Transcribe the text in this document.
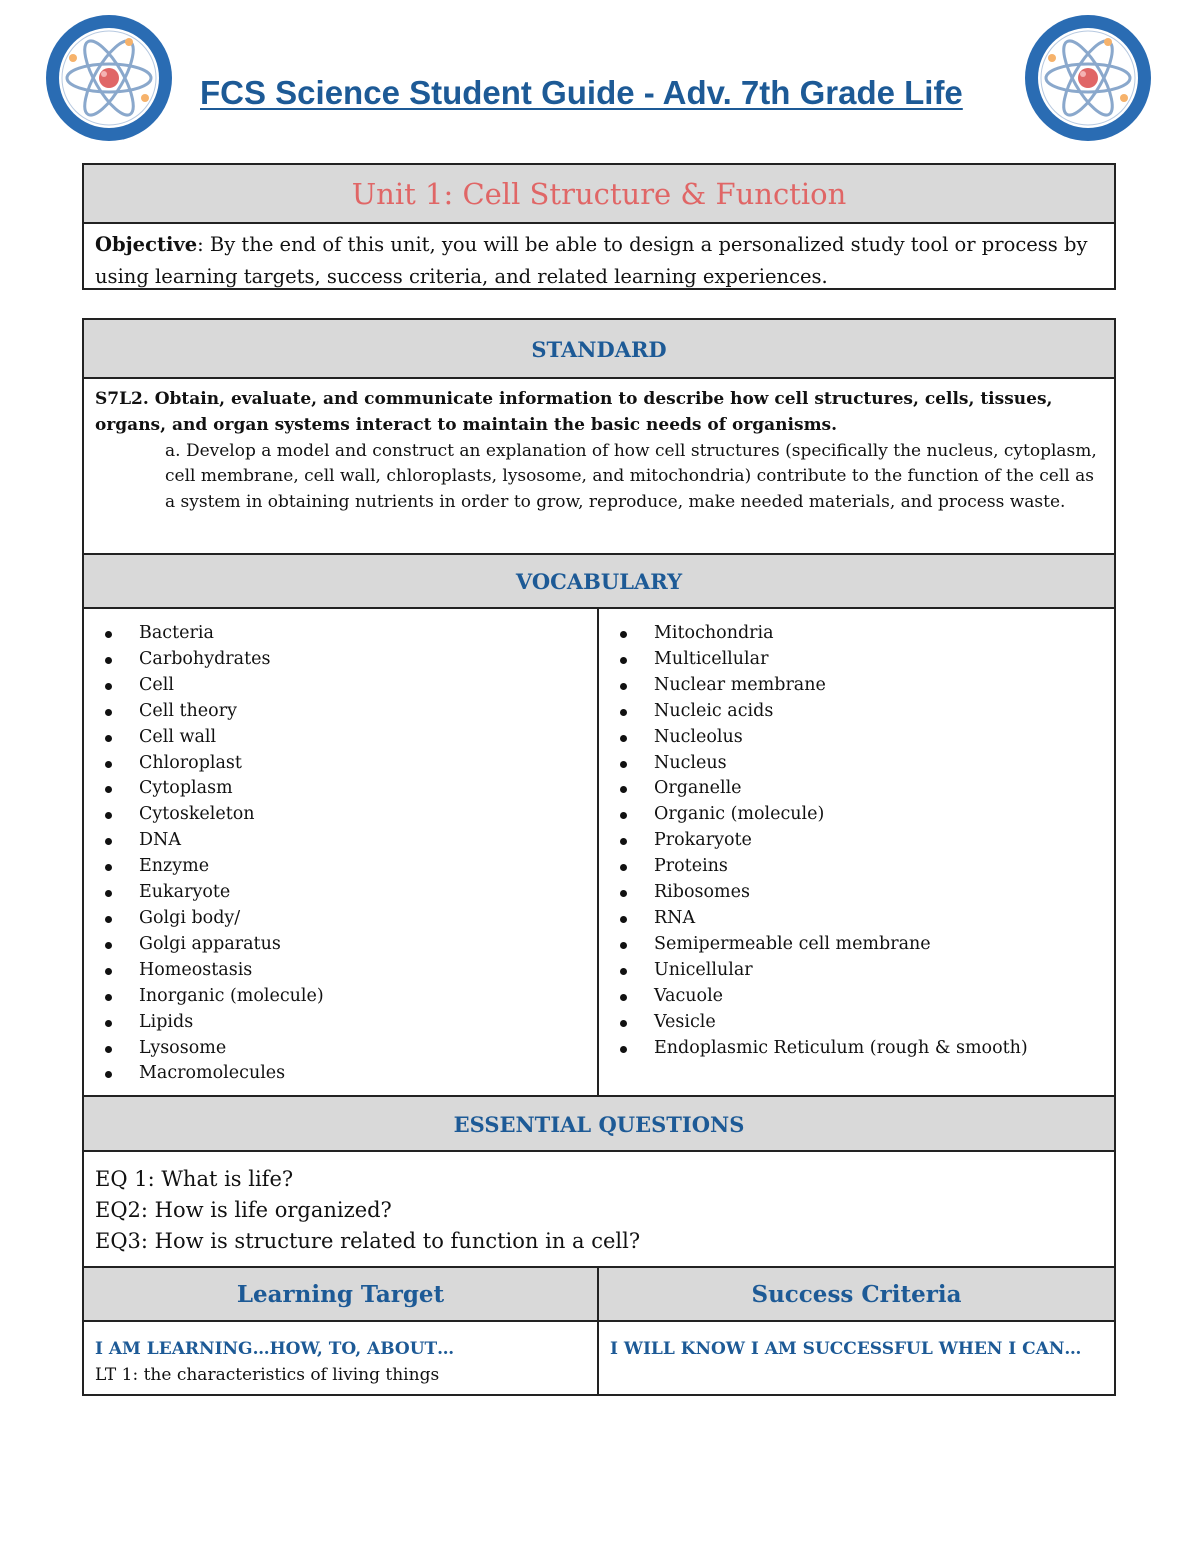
FCS Science Student Guide - Adv. 7th Grade Life
Unit 1: Cell Structure & Function
Objective: By the end of this unit, you will be able to design a personalized study tool or process by using learning targets, success criteria, and related learning experiences.
STANDARD
S7L2. Obtain, evaluate, and communicate information to describe how cell structures, cells, tissues, organs, and organ systems interact to maintain the basic needs of organisms.
a. Develop a model and construct an explanation of how cell structures (specifically the nucleus, cytoplasm, cell membrane, cell wall, chloroplasts, lysosome, and mitochondria) contribute to the function of the cell as a system in obtaining nutrients in order to grow, reproduce, make needed materials, and process waste.
VOCABULARY
Bacteria
Carbohydrates
Cell
Cell theory
Cell wall
Chloroplast
Cytoplasm
Cytoskeleton
DNA
Enzyme
Eukaryote
Golgi body/
Golgi apparatus
Homeostasis
Inorganic (molecule)
Lipids
Lysosome
Macromolecules
Mitochondria
Multicellular
Nuclear membrane
Nucleic acids
Nucleolus
Nucleus
Organelle
Organic (molecule)
Prokaryote
Proteins
Ribosomes
RNA
Semipermeable cell membrane
Unicellular
Vacuole
Vesicle
Endoplasmic Reticulum (rough & smooth)
ESSENTIAL QUESTIONS
EQ 1: What is life?
EQ2: How is life organized?
EQ3: How is structure related to function in a cell?
Learning Target
I AM LEARNING…HOW, TO, ABOUT…
LT 1: the characteristics of living things
Success Criteria
I WILL KNOW I AM SUCCESSFUL WHEN I CAN…
